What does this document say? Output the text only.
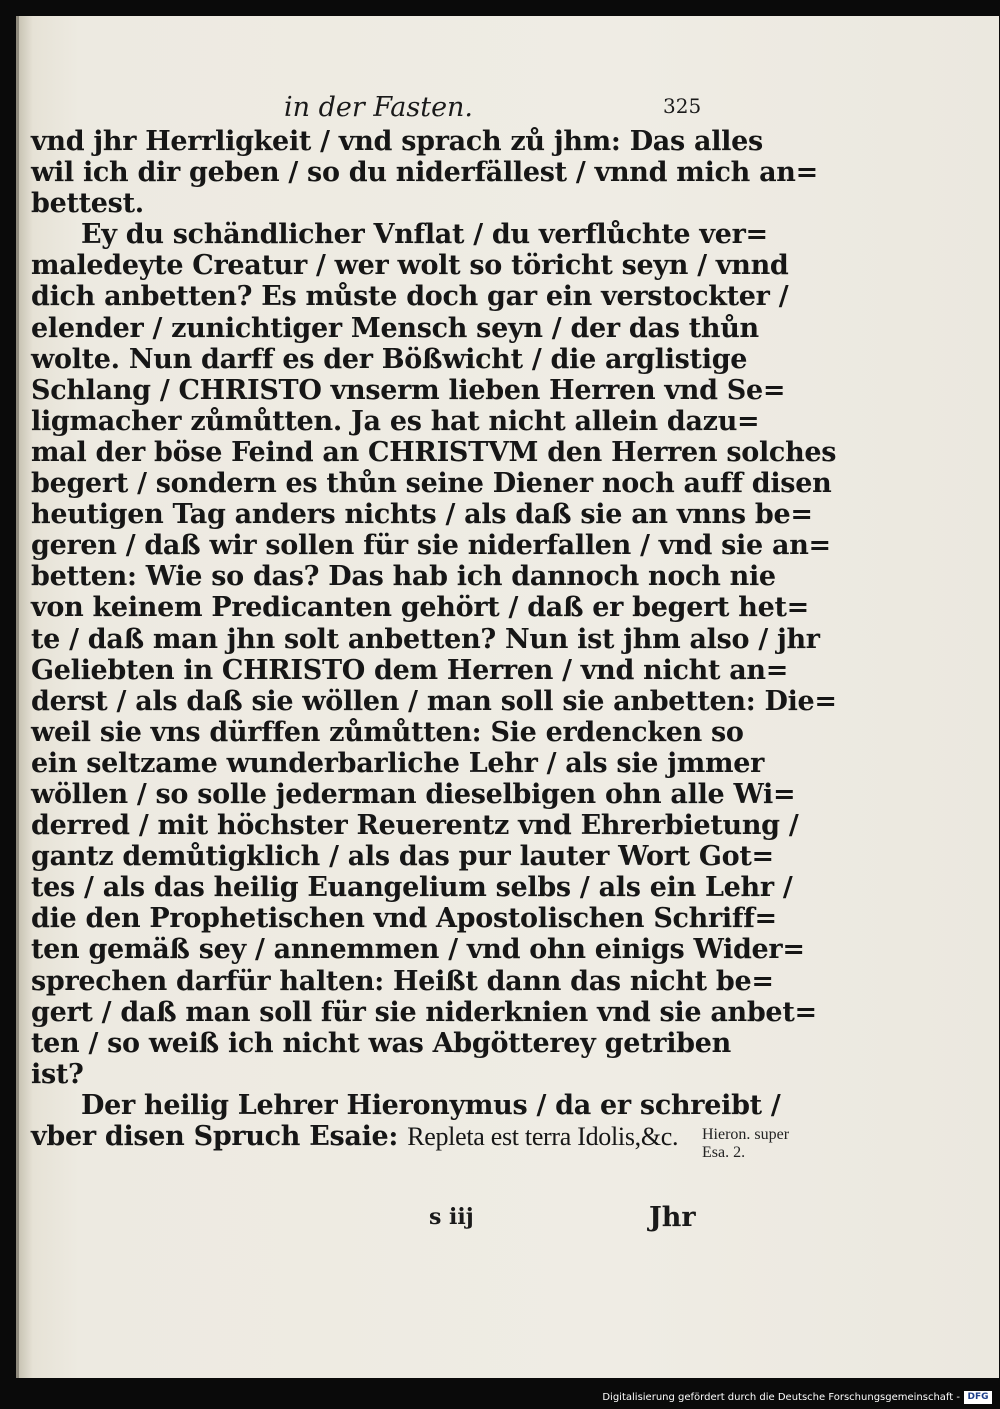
in der Fasten.	325
vnd jhr Herrligkeit / vnd sprach zů jhm: Das alles
wil ich dir geben / so du niderfällest / vnnd mich an=
bettest.
Ey du schändlicher Vnflat / du verflůchte ver=
maledeyte Creatur / wer wolt so töricht seyn / vnnd
dich anbetten? Es můste doch gar ein verstockter /
elender / zunichtiger Mensch seyn / der das thůn
wolte. Nun darff es der Bößwicht / die arglistige
Schlang / CHRISTO vnserm lieben Herren vnd Se=
ligmacher zůmůtten. Ja es hat nicht allein dazu=
mal der böse Feind an CHRISTVM den Herren solches
begert / sondern es thůn seine Diener noch auff disen
heutigen Tag anders nichts / als daß sie an vnns be=
geren / daß wir sollen für sie niderfallen / vnd sie an=
betten: Wie so das? Das hab ich dannoch noch nie
von keinem Predicanten gehört / daß er begert het=
te / daß man jhn solt anbetten? Nun ist jhm also / jhr
Geliebten in CHRISTO dem Herren / vnd nicht an=
derst / als daß sie wöllen / man soll sie anbetten: Die=
weil sie vns dürffen zůmůtten: Sie erdencken so
ein seltzame wunderbarliche Lehr / als sie jmmer
wöllen / so solle jederman dieselbigen ohn alle Wi=
derred / mit höchster Reuerentz vnd Ehrerbietung /
gantz demůtigklich / als das pur lauter Wort Got=
tes / als das heilig Euangelium selbs / als ein Lehr /
die den Prophetischen vnd Apostolischen Schriff=
ten gemäß sey / annemmen / vnd ohn einigs Wider=
sprechen darfür halten: Heißt dann das nicht be=
gert / daß man soll für sie niderknien vnd sie anbet=
ten / so weiß ich nicht was Abgötterey getriben
ist?
Der heilig Lehrer Hieronymus / da er schreibt /
vber disen Spruch Esaie: Repleta est terra Idolis,&c.	Hieron. super
Esa. 2.
s iij	Jhr
Digitalisierung gefördert durch die Deutsche Forschungsgemeinschaft - DFG
